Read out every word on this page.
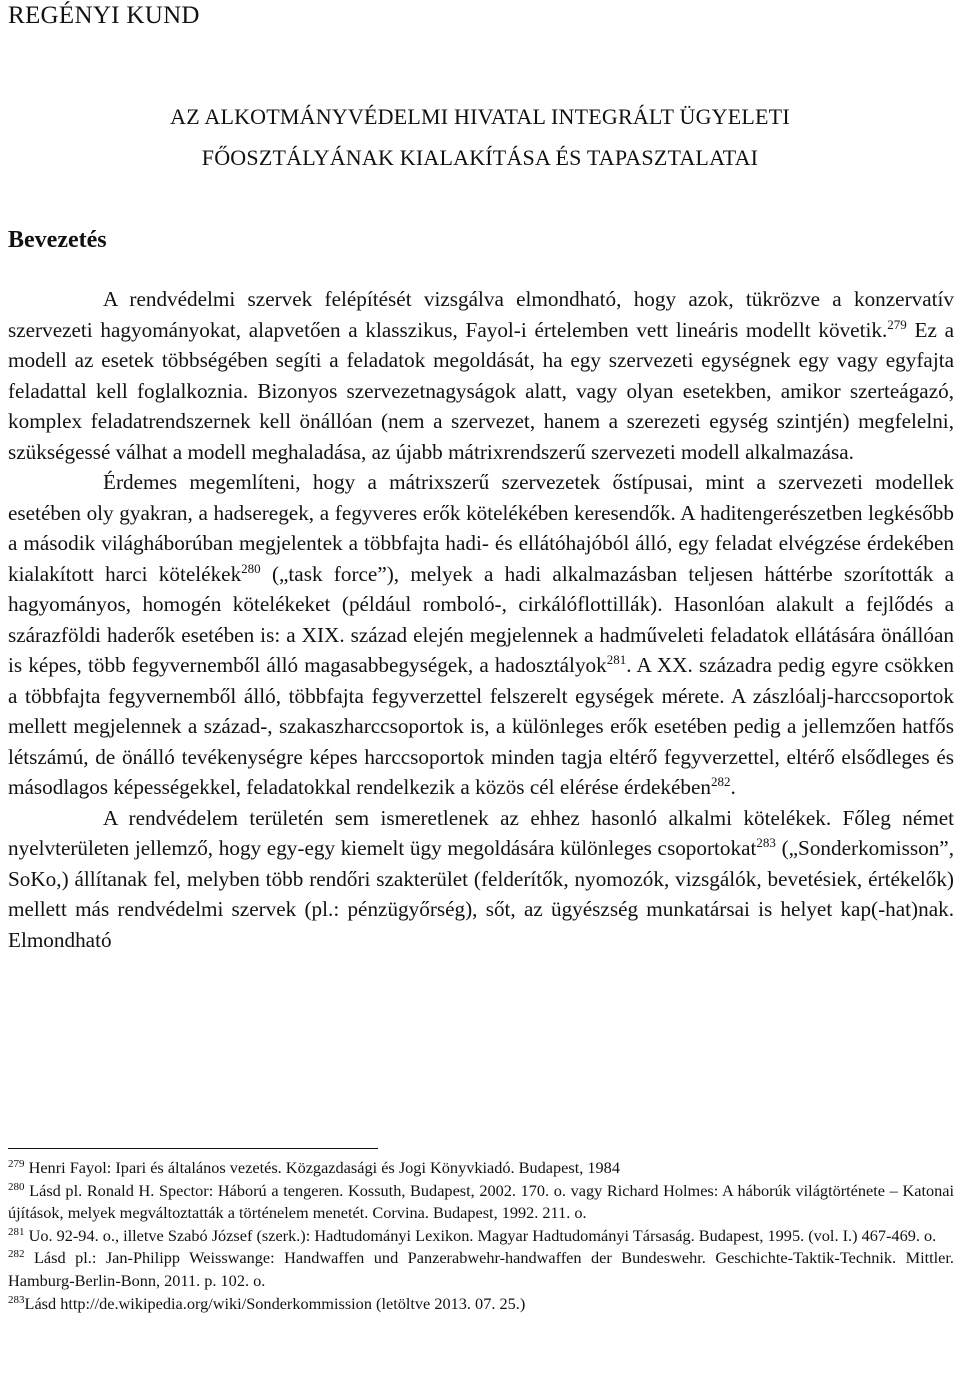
REGÉNYI KUND
AZ ALKOTMÁNYVÉDELMI HIVATAL INTEGRÁLT ÜGYELETI
FŐOSZTÁLYÁNAK KIALAKÍTÁSA ÉS TAPASZTALATAI
Bevezetés

A rendvédelmi szervek felépítését vizsgálva elmondható, hogy azok, tükrözve a konzervatív szervezeti hagyományokat, alapvetően a klasszikus, Fayol-i értelemben vett lineáris modellt követik.$^{279}$ Ez a modell az esetek többségében segíti a feladatok megoldását, ha egy szervezeti egységnek egy vagy egyfajta feladattal kell foglalkoznia. Bizonyos szervezetnagyságok alatt, vagy olyan esetekben, amikor szerteágazó, komplex feladatrendszernek kell önállóan (nem a szervezet, hanem a szerezeti egység szintjén) megfelelni, szükségessé válhat a modell meghaladása, az újabb mátrixrendszerű szervezeti modell alkalmazása.

Érdemes megemlíteni, hogy a mátrixszerű szervezetek őstípusai, mint a szervezeti modellek esetében oly gyakran, a hadseregek, a fegyveres erők kötelékében keresendők. A haditengerészetben legkésőbb a második világháborúban megjelentek a többfajta hadi- és ellátóhajóból álló, egy feladat elvégzése érdekében kialakított harci kötelékek$^{280}$ („task force”), melyek a hadi alkalmazásban teljesen háttérbe szorították a hagyományos, homogén kötelékeket (például romboló-, cirkálóflottillák). Hasonlóan alakult a fejlődés a szárazföldi haderők esetében is: a XIX. század elején megjelennek a hadműveleti feladatok ellátására önállóan is képes, több fegyvernemből álló magasabbegységek, a hadosztályok$^{281}$. A XX. századra pedig egyre csökken a többfajta fegyvernemből álló, többfajta fegyverzettel felszerelt egységek mérete. A zászlóalj-harccsoportok mellett megjelennek a század-, szakaszharccsoportok is, a különleges erők esetében pedig a jellemzően hatfős létszámú, de önálló tevékenységre képes harccsoportok minden tagja eltérő fegyverzettel, eltérő elsődleges és másodlagos képességekkel, feladatokkal rendelkezik a közös cél elérése érdekében$^{282}$.

A rendvédelem területén sem ismeretlenek az ehhez hasonló alkalmi kötelékek. Főleg német nyelvterületen jellemző, hogy egy-egy kiemelt ügy megoldására különleges csoportokat$^{283}$ („Sonderkomisson”, SoKo,) állítanak fel, melyben több rendőri szakterület (felderítők, nyomozók, vizsgálók, bevetésiek, értékelők) mellett más rendvédelmi szervek (pl.: pénzügyőrség), sőt, az ügyészség munkatársai is helyet kap(-hat)nak. Elmondható

$^{279}$ Henri Fayol: Ipari és általános vezetés. Közgazdasági és Jogi Könyvkiadó. Budapest, 1984
$^{280}$ Lásd pl. Ronald H. Spector: Háború a tengeren. Kossuth, Budapest, 2002. 170. o. vagy Richard Holmes: A háborúk világtörténete – Katonai újítások, melyek megváltoztatták a történelem menetét. Corvina. Budapest, 1992. 211. o.
$^{281}$ Uo. 92-94. o., illetve Szabó József (szerk.): Hadtudományi Lexikon. Magyar Hadtudományi Társaság. Budapest, 1995. (vol. I.) 467-469. o.
$^{282}$ Lásd pl.: Jan-Philipp Weisswange: Handwaffen und Panzerabwehr-handwaffen der Bundeswehr. Geschichte-Taktik-Technik. Mittler. Hamburg-Berlin-Bonn, 2011. p. 102. o.
$^{283}$Lásd http://de.wikipedia.org/wiki/Sonderkommission (letöltve 2013. 07. 25.)
